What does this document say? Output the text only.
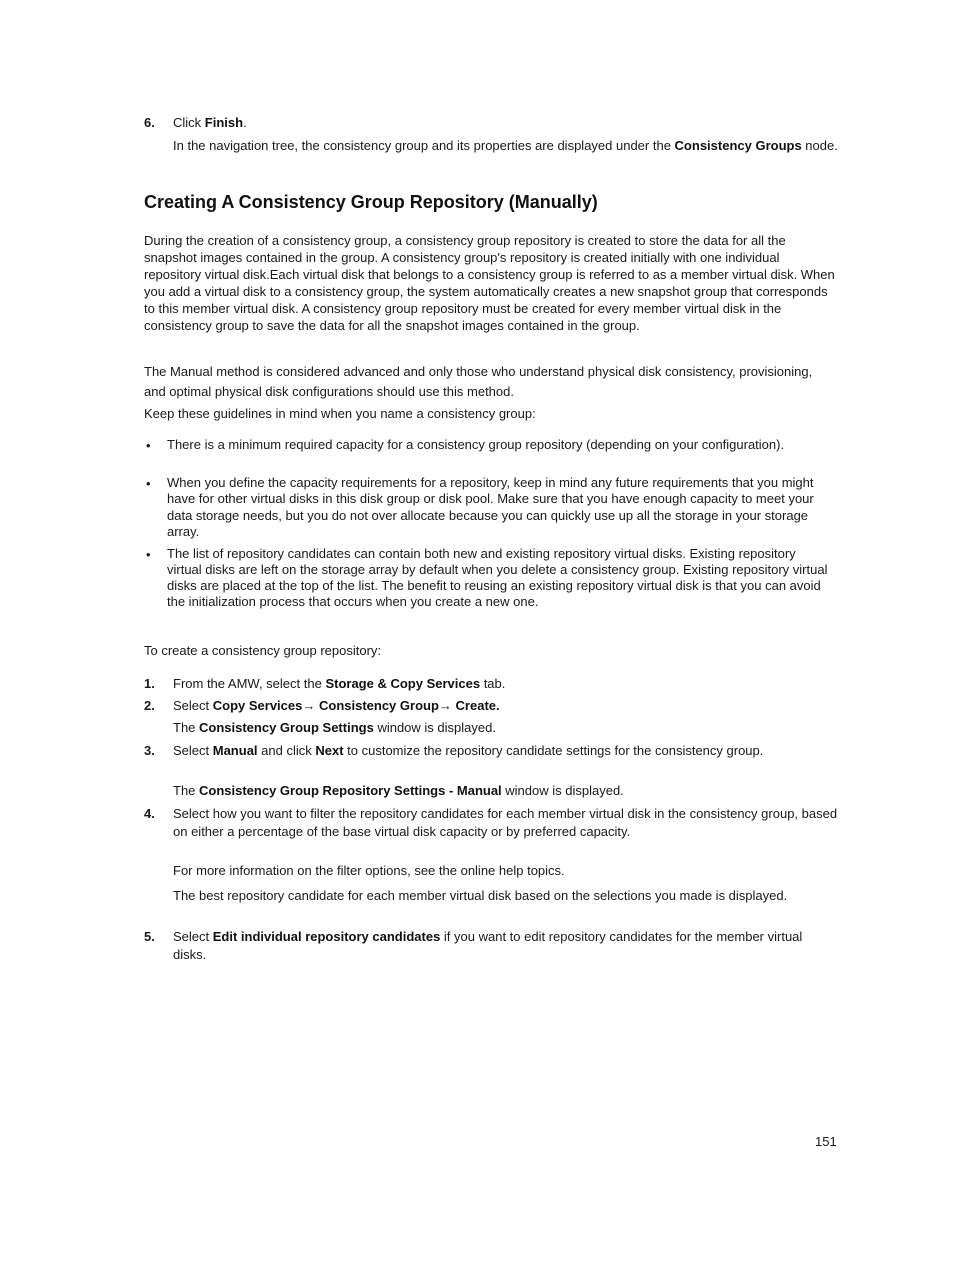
6. Click Finish.

In the navigation tree, the consistency group and its properties are displayed under the Consistency Groups node.

Creating A Consistency Group Repository (Manually)

During the creation of a consistency group, a consistency group repository is created to store the data for all the snapshot images contained in the group. A consistency group's repository is created initially with one individual repository virtual disk.Each virtual disk that belongs to a consistency group is referred to as a member virtual disk. When you add a virtual disk to a consistency group, the system automatically creates a new snapshot group that corresponds to this member virtual disk. A consistency group repository must be created for every member virtual disk in the consistency group to save the data for all the snapshot images contained in the group.

The Manual method is considered advanced and only those who understand physical disk consistency, provisioning, and optimal physical disk configurations should use this method.

Keep these guidelines in mind when you name a consistency group:

• There is a minimum required capacity for a consistency group repository (depending on your configuration).

• When you define the capacity requirements for a repository, keep in mind any future requirements that you might have for other virtual disks in this disk group or disk pool. Make sure that you have enough capacity to meet your data storage needs, but you do not over allocate because you can quickly use up all the storage in your storage array.

• The list of repository candidates can contain both new and existing repository virtual disks. Existing repository virtual disks are left on the storage array by default when you delete a consistency group. Existing repository virtual disks are placed at the top of the list. The benefit to reusing an existing repository virtual disk is that you can avoid the initialization process that occurs when you create a new one.

To create a consistency group repository:

1. From the AMW, select the Storage & Copy Services tab.

2. Select Copy Services→ Consistency Group→ Create.

The Consistency Group Settings window is displayed.

3. Select Manual and click Next to customize the repository candidate settings for the consistency group.

The Consistency Group Repository Settings - Manual window is displayed.

4. Select how you want to filter the repository candidates for each member virtual disk in the consistency group, based on either a percentage of the base virtual disk capacity or by preferred capacity.

For more information on the filter options, see the online help topics.

The best repository candidate for each member virtual disk based on the selections you made is displayed.

5. Select Edit individual repository candidates if you want to edit repository candidates for the member virtual disks.

151
